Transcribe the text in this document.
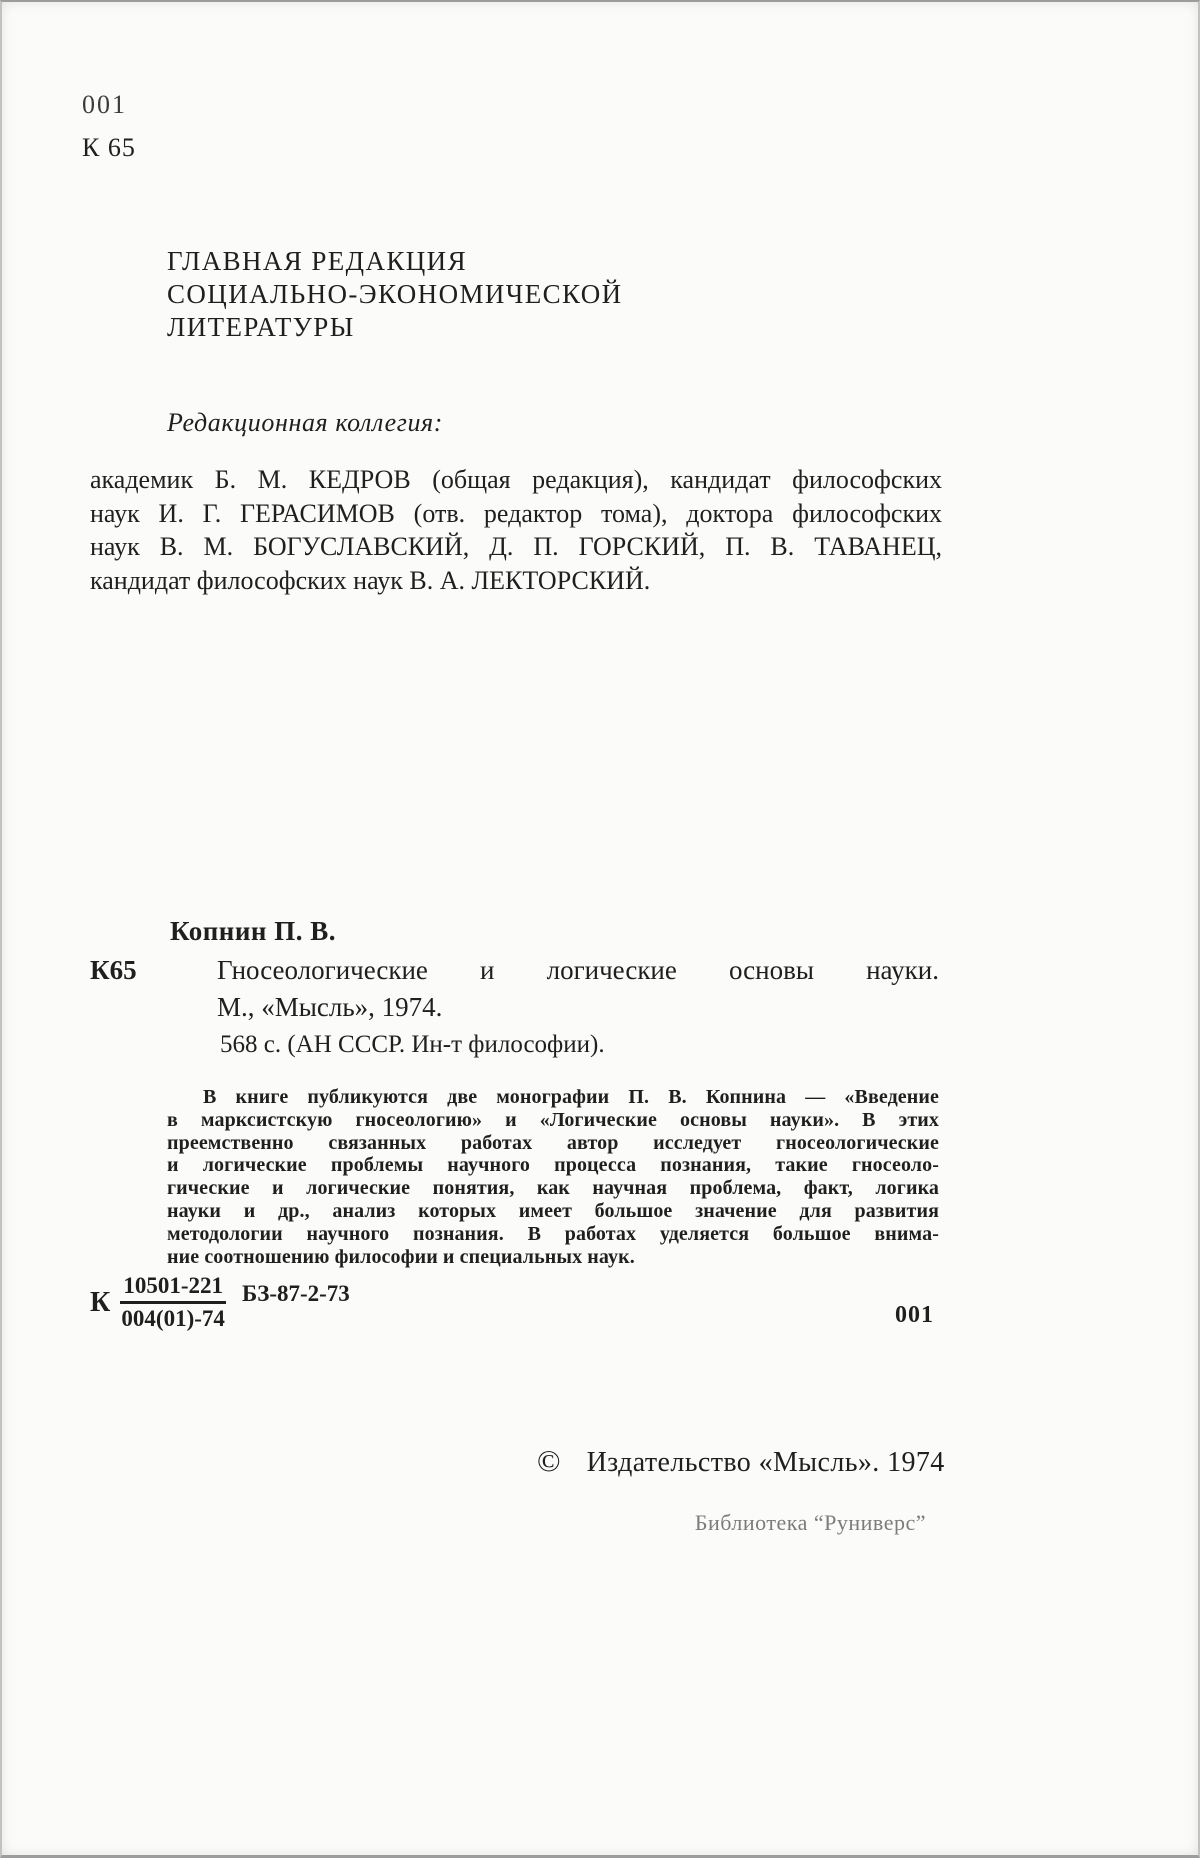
001
К 65
ГЛАВНАЯ РЕДАКЦИЯ
СОЦИАЛЬНО-ЭКОНОМИЧЕСКОЙ
ЛИТЕРАТУРЫ
Редакционная коллегия:
академик Б. М. КЕДРОВ (общая редакция), кандидат философских
наук И. Г. ГЕРАСИМОВ (отв. редактор тома), доктора философских
наук В. М. БОГУСЛАВСКИЙ, Д. П. ГОРСКИЙ, П. В. ТАВАНЕЦ,
кандидат философских наук В. А. ЛЕКТОРСКИЙ.
Копнин П. В.
К65	Гносеологические и логические основы науки.
М., «Мысль», 1974.
568 с. (АН СССР. Ин-т философии).
В книге публикуются две монографии П. В. Копнина — «Введение
в марксистскую гносеологию» и «Логические основы науки». В этих
преемственно связанных работах автор исследует гносеологические
и логические проблемы научного процесса познания, такие гносеоло-
гические и логические понятия, как научная проблема, факт, логика
науки и др., анализ которых имеет большое значение для развития
методологии научного познания. В работах уделяется большое внима-
ние соотношению философии и специальных наук.
К $\frac{10501-221}{004(01)-74} БЗ-87-2-73$
001
© Издательство «Мысль». 1974
Библиотека “Руниверс”
